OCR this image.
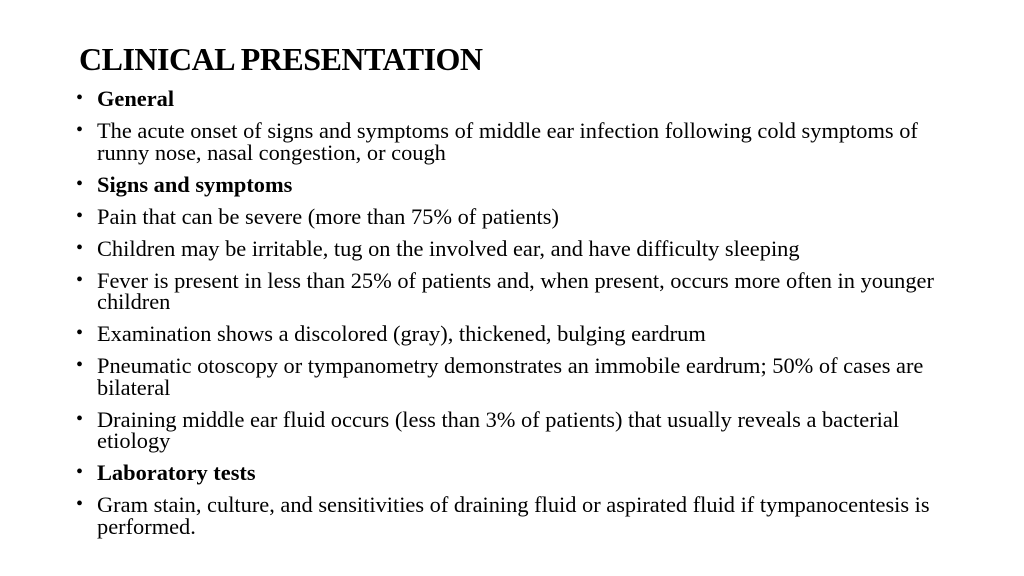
CLINICAL PRESENTATION
• General
• The acute onset of signs and symptoms of middle ear infection following cold symptoms of runny nose, nasal congestion, or cough
• Signs and symptoms
• Pain that can be severe (more than 75% of patients)
• Children may be irritable, tug on the involved ear, and have difficulty sleeping
• Fever is present in less than 25% of patients and, when present, occurs more often in younger children
• Examination shows a discolored (gray), thickened, bulging eardrum
• Pneumatic otoscopy or tympanometry demonstrates an immobile eardrum; 50% of cases are bilateral
• Draining middle ear fluid occurs (less than 3% of patients) that usually reveals a bacterial etiology
• Laboratory tests
• Gram stain, culture, and sensitivities of draining fluid or aspirated fluid if tympanocentesis is performed.
